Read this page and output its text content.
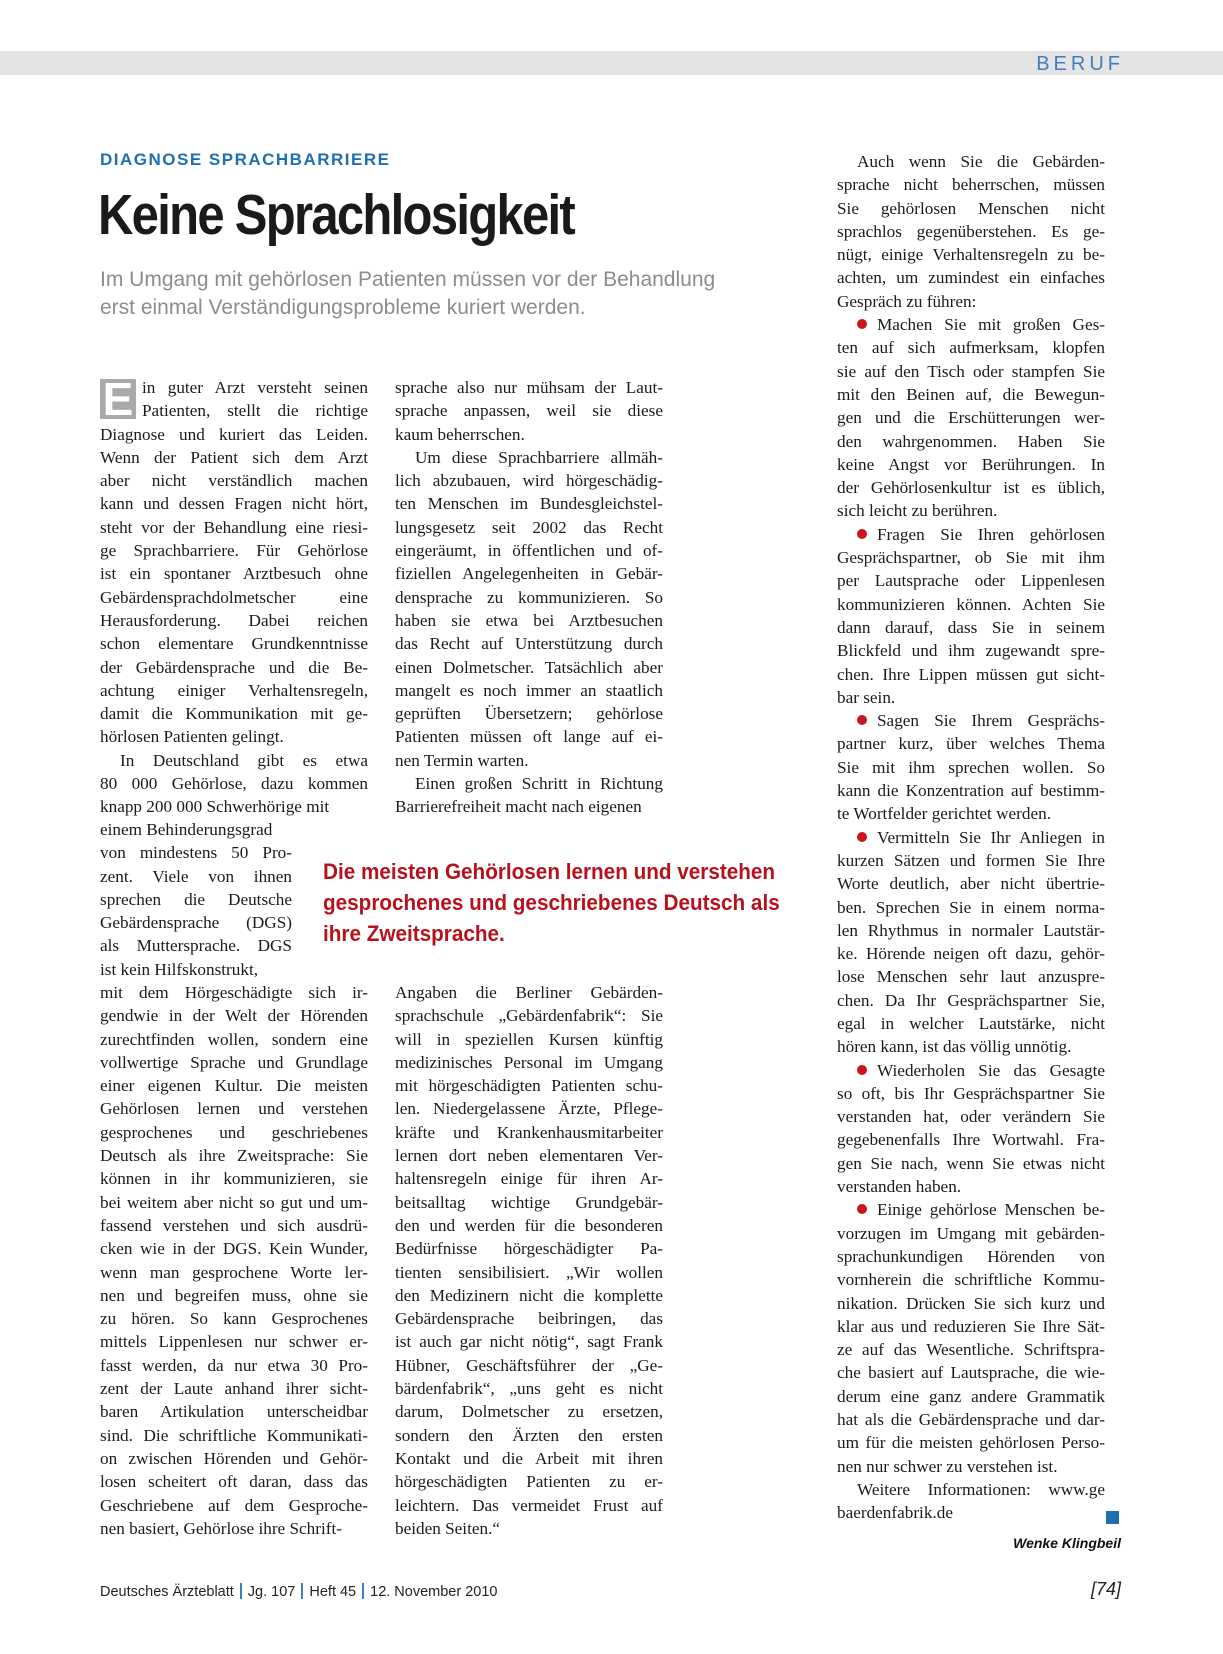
BERUF
DIAGNOSE SPRACHBARRIERE
Keine Sprachlosigkeit
Im Umgang mit gehörlosen Patienten müssen vor der Behandlung
erst einmal Verständigungsprobleme kuriert werden.
E in guter Arzt versteht seinen
Patienten, stellt die richtige
Diagnose und kuriert das Leiden.
Wenn der Patient sich dem Arzt
aber nicht verständlich machen
kann und dessen Fragen nicht hört,
steht vor der Behandlung eine riesi-
ge Sprachbarriere. Für Gehörlose
ist ein spontaner Arztbesuch ohne
Gebärdensprachdolmetscher eine
Herausforderung. Dabei reichen
schon elementare Grundkenntnisse
der Gebärdensprache und die Be-
achtung einiger Verhaltensregeln,
damit die Kommunikation mit ge-
hörlosen Patienten gelingt.
In Deutschland gibt es etwa
80 000 Gehörlose, dazu kommen
knapp 200 000 Schwerhörige mit
einem Behinderungsgrad
von mindestens 50 Pro-
zent. Viele von ihnen
sprechen die Deutsche
Gebärdensprache (DGS)
als Muttersprache. DGS
ist kein Hilfskonstrukt,
mit dem Hörgeschädigte sich ir-
gendwie in der Welt der Hörenden
zurechtfinden wollen, sondern eine
vollwertige Sprache und Grundlage
einer eigenen Kultur. Die meisten
Gehörlosen lernen und verstehen
gesprochenes und geschriebenes
Deutsch als ihre Zweitsprache: Sie
können in ihr kommunizieren, sie
bei weitem aber nicht so gut und um-
fassend verstehen und sich ausdrü-
cken wie in der DGS. Kein Wunder,
wenn man gesprochene Worte ler-
nen und begreifen muss, ohne sie
zu hören. So kann Gesprochenes
mittels Lippenlesen nur schwer er-
fasst werden, da nur etwa 30 Pro-
zent der Laute anhand ihrer sicht-
baren Artikulation unterscheidbar
sind. Die schriftliche Kommunikati-
on zwischen Hörenden und Gehör-
losen scheitert oft daran, dass das
Geschriebene auf dem Gesproche-
nen basiert, Gehörlose ihre Schrift-
sprache also nur mühsam der Laut-
sprache anpassen, weil sie diese
kaum beherrschen.
Um diese Sprachbarriere allmäh-
lich abzubauen, wird hörgeschädig-
ten Menschen im Bundesgleichstel-
lungsgesetz seit 2002 das Recht
eingeräumt, in öffentlichen und of-
fiziellen Angelegenheiten in Gebär-
densprache zu kommunizieren. So
haben sie etwa bei Arztbesuchen
das Recht auf Unterstützung durch
einen Dolmetscher. Tatsächlich aber
mangelt es noch immer an staatlich
geprüften Übersetzern; gehörlose
Patienten müssen oft lange auf ei-
nen Termin warten.
Einen großen Schritt in Richtung
Barrierefreiheit macht nach eigenen
Angaben die Berliner Gebärden-
sprachschule „Gebärdenfabrik“: Sie
will in speziellen Kursen künftig
medizinisches Personal im Umgang
mit hörgeschädigten Patienten schu-
len. Niedergelassene Ärzte, Pflege-
kräfte und Krankenhausmitarbeiter
lernen dort neben elementaren Ver-
haltensregeln einige für ihren Ar-
beitsalltag wichtige Grundgebär-
den und werden für die besonderen
Bedürfnisse hörgeschädigter Pa-
tienten sensibilisiert. „Wir wollen
den Medizinern nicht die komplette
Gebärdensprache beibringen, das
ist auch gar nicht nötig“, sagt Frank
Hübner, Geschäftsführer der „Ge-
bärdenfabrik“, „uns geht es nicht
darum, Dolmetscher zu ersetzen,
sondern den Ärzten den ersten
Kontakt und die Arbeit mit ihren
hörgeschädigten Patienten zu er-
leichtern. Das vermeidet Frust auf
beiden Seiten.“
Die meisten Gehörlosen lernen und verstehen
gesprochenes und geschriebenes Deutsch als
ihre Zweitsprache.
Auch wenn Sie die Gebärden-
sprache nicht beherrschen, müssen
Sie gehörlosen Menschen nicht
sprachlos gegenüberstehen. Es ge-
nügt, einige Verhaltensregeln zu be-
achten, um zumindest ein einfaches
Gespräch zu führen:
Machen Sie mit großen Ges-
ten auf sich aufmerksam, klopfen
sie auf den Tisch oder stampfen Sie
mit den Beinen auf, die Bewegun-
gen und die Erschütterungen wer-
den wahrgenommen. Haben Sie
keine Angst vor Berührungen. In
der Gehörlosenkultur ist es üblich,
sich leicht zu berühren.
Fragen Sie Ihren gehörlosen
Gesprächspartner, ob Sie mit ihm
per Lautsprache oder Lippenlesen
kommunizieren können. Achten Sie
dann darauf, dass Sie in seinem
Blickfeld und ihm zugewandt spre-
chen. Ihre Lippen müssen gut sicht-
bar sein.
Sagen Sie Ihrem Gesprächs-
partner kurz, über welches Thema
Sie mit ihm sprechen wollen. So
kann die Konzentration auf bestimm-
te Wortfelder gerichtet werden.
Vermitteln Sie Ihr Anliegen in
kurzen Sätzen und formen Sie Ihre
Worte deutlich, aber nicht übertrie-
ben. Sprechen Sie in einem norma-
len Rhythmus in normaler Lautstär-
ke. Hörende neigen oft dazu, gehör-
lose Menschen sehr laut anzuspre-
chen. Da Ihr Gesprächspartner Sie,
egal in welcher Lautstärke, nicht
hören kann, ist das völlig unnötig.
Wiederholen Sie das Gesagte
so oft, bis Ihr Gesprächspartner Sie
verstanden hat, oder verändern Sie
gegebenenfalls Ihre Wortwahl. Fra-
gen Sie nach, wenn Sie etwas nicht
verstanden haben.
Einige gehörlose Menschen be-
vorzugen im Umgang mit gebärden-
sprachunkundigen Hörenden von
vornherein die schriftliche Kommu-
nikation. Drücken Sie sich kurz und
klar aus und reduzieren Sie Ihre Sät-
ze auf das Wesentliche. Schriftspra-
che basiert auf Lautsprache, die wie-
derum eine ganz andere Grammatik
hat als die Gebärdensprache und dar-
um für die meisten gehörlosen Perso-
nen nur schwer zu verstehen ist.
Weitere Informationen: www.ge
baerdenfabrik.de
Wenke Klingbeil
Deutsches Ärzteblatt Jg. 107 Heft 45 12. November 2010	[74]
